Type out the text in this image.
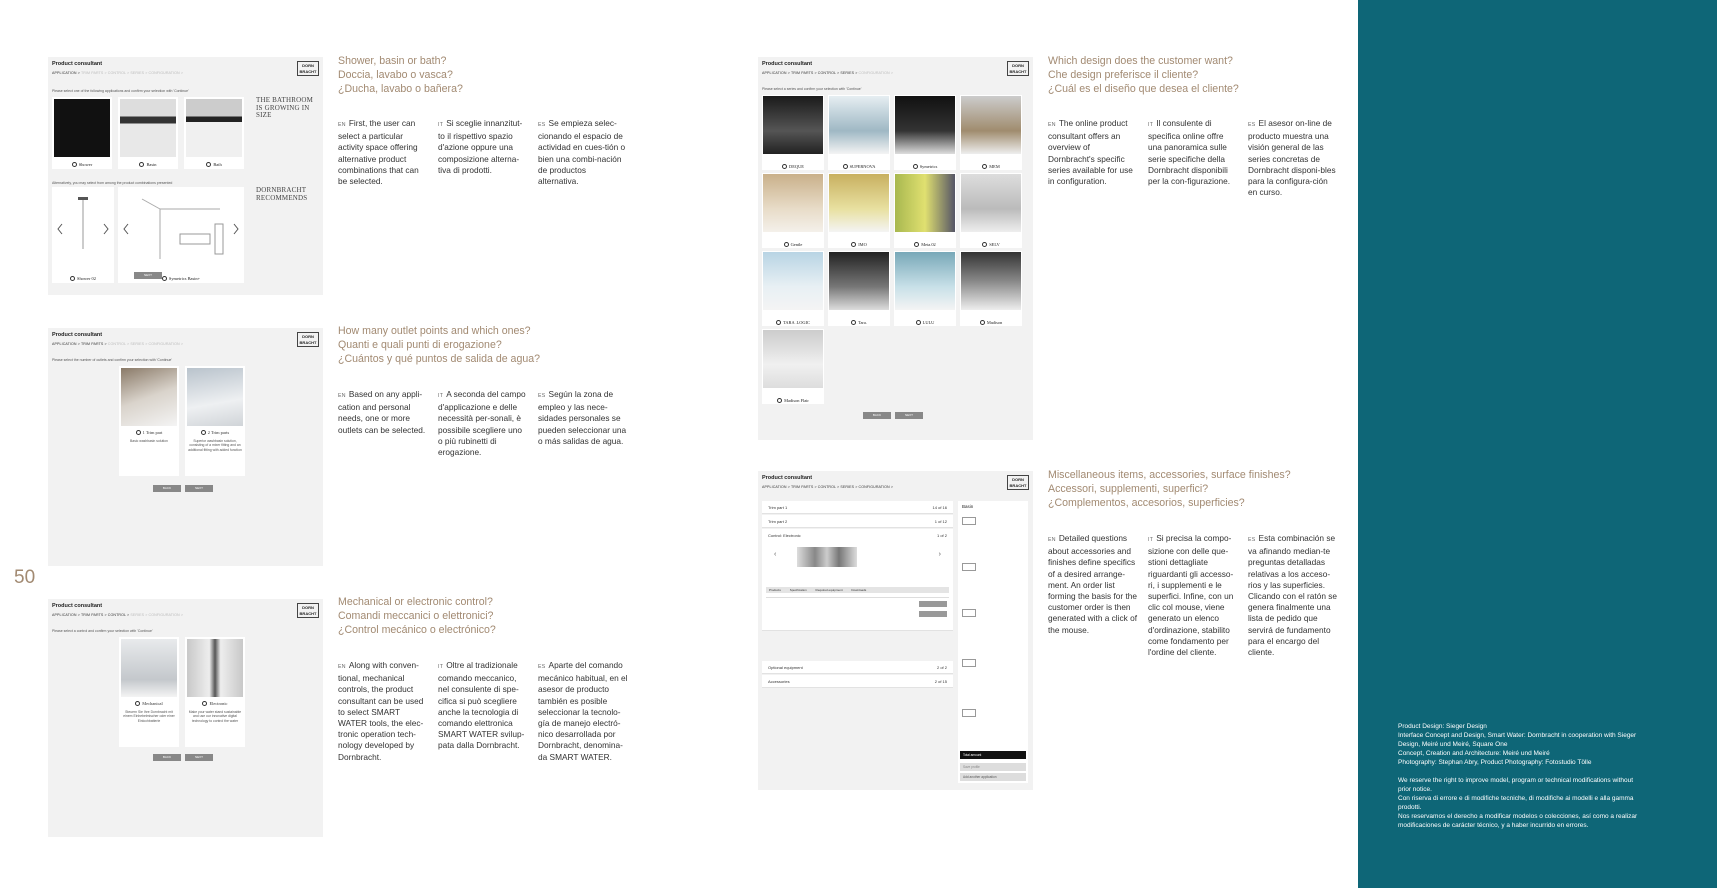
50
Product consultant
APPLICATION > TRIM PARTS > CONTROL > SERIES > CONFIGURATION >
DORN
BRACHT
Please select one of the following applications and confirm your selection with 'Continue'
Shower	Basin	Bath
THE BATHROOM IS GROWING IN SIZE
Alternatively, you may select from among the product combinations presented
Shower 02	Symetrics Basin+
DORNBRACHT RECOMMENDS
NEXT
Product consultant
APPLICATION > TRIM PARTS > CONTROL > SERIES > CONFIGURATION >
DORN
BRACHT
Please select the number of outlets and confirm your selection with 'Continue'
1 Trim part
Basic washbasin solution
2 Trim parts
Superior washbasin solution, consisting of a mixer fitting and an additional fitting with added function
BACK	NEXT
Product consultant
APPLICATION > TRIM PARTS > CONTROL > SERIES > CONFIGURATION >
DORN
BRACHT
Please select a control and confirm your selection with 'Continue'
Mechanical
Steuern Sie Ihre Dornbracht mit einem Einhebelmischer oder einer Einlochbatterie
Electronic
Make your water stand sustainable and use our innovative digital technology to control the water
BACK	NEXT
Product consultant
APPLICATION > TRIM PARTS > CONTROL > SERIES > CONFIGURATION >
DORN
BRACHT
Please select a series and confirm your selection with 'Continue'
DEQUE	SUPERNOVA	Symetrics	MEM
Gentle	IMO	Meta.02	SELV
TARA .LOGIC	Tara.	LULU	Madison
Madison Flair
BACK	NEXT
Product consultant
APPLICATION > TRIM PARTS > CONTROL > SERIES > CONFIGURATION >
DORN
BRACHT
Trim part 1	14 of 16
Trim part 2	1 of 12
Control: Electronic	1 of 2
‹	›
Products	Specification	Required equipment	Downloads
Optional equipment	2 of 2
Accessories	2 of 15
Basin
Total amount
Save profile
Add another application
Shower, basin or bath?
Doccia, lavabo o vasca?
¿Ducha, lavabo o bañera?
EN First, the user can select a particular activity space offering alternative product combinations that can be selected.
IT Si sceglie innanzitut-to il rispettivo spazio d'azione oppure una composizione alterna-tiva di prodotti.
ES Se empieza selec-cionando el espacio de actividad en cues-tión o bien una combi-nación de productos alternativa.
How many outlet points and which ones?
Quanti e quali punti di erogazione?
¿Cuántos y qué puntos de salida de agua?
EN Based on any appli-cation and personal needs, one or more outlets can be selected.
IT A seconda del campo d'applicazione e delle necessità per-sonali, è possibile scegliere uno o più rubinetti di erogazione.
ES Según la zona de empleo y las nece-sidades personales se pueden seleccionar una o más salidas de agua.
Mechanical or electronic control?
Comandi meccanici o elettronici?
¿Control mecánico o electrónico?
EN Along with conven-tional, mechanical controls, the product consultant can be used to select SMART WATER tools, the elec-tronic operation tech-nology developed by Dornbracht.
IT Oltre al tradizionale comando meccanico, nel consulente di spe-cifica si può scegliere anche la tecnologia di comando elettronica SMART WATER svilup-pata dalla Dornbracht.
ES Aparte del comando mecánico habitual, en el asesor de producto también es posible seleccionar la tecnolo-gía de manejo electró-nico desarrollada por Dornbracht, denomina-da SMART WATER.
Which design does the customer want?
Che design preferisce il cliente?
¿Cuál es el diseño que desea el cliente?
EN The online product consultant offers an overview of Dornbracht's specific series available for use in configuration.
IT Il consulente di specifica online offre una panoramica sulle serie specifiche della Dornbracht disponibili per la con-figurazione.
ES El asesor on-line de producto muestra una visión general de las series concretas de Dornbracht disponi-bles para la configura-ción en curso.
Miscellaneous items, accessories, surface finishes?
Accessori, supplementi, superfici?
¿Complementos, accesorios, superficies?
EN Detailed questions about accessories and finishes define specifics of a desired arrange-ment. An order list forming the basis for the customer order is then generated with a click of the mouse.
IT Si precisa la compo-sizione con delle que-stioni dettagliate riguardanti gli accesso-ri, i supplementi e le superfici. Infine, con un clic col mouse, viene generato un elenco d'ordinazione, stabilito come fondamento per l'ordine del cliente.
ES Esta combinación se va afinando median-te preguntas detalladas relativas a los acceso-rios y las superficies. Clicando con el ratón se genera finalmente una lista de pedido que servirá de fundamento para el encargo del cliente.
Product Design: Sieger Design
Interface Concept and Design, Smart Water: Dornbracht in cooperation with Sieger Design, Meiré und Meiré, Square One
Concept, Creation and Architecture: Meiré und Meiré
Photography: Stephan Abry, Product Photography: Fotostudio Tölle
We reserve the right to improve model, program or technical modifications without prior notice.
Con riserva di errore e di modifiche tecniche, di modifiche ai modelli e alla gamma prodotti.
Nos reservamos el derecho a modificar modelos o colecciones, así como a realizar modificaciones de carácter técnico, y a haber incurrido en errores.
